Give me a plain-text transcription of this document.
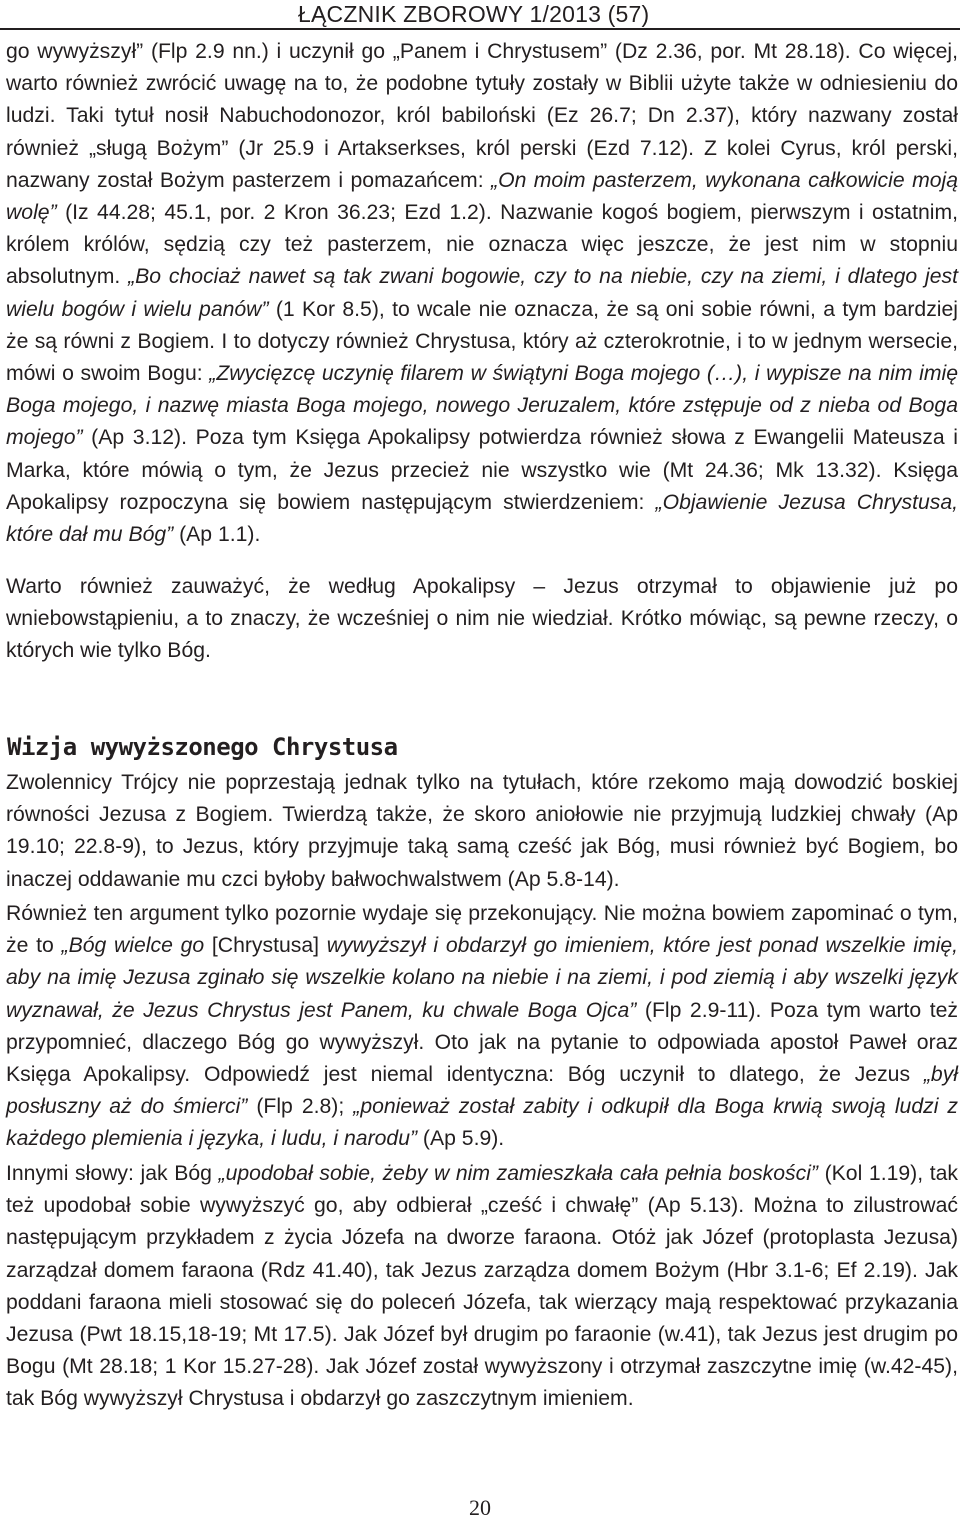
ŁĄCZNIK ZBOROWY 1/2013 (57)

go wywyższył” (Flp 2.9 nn.) i uczynił go „Panem i Chrystusem” (Dz 2.36, por. Mt 28.18). Co więcej, warto również zwrócić uwagę na to, że podobne tytuły zostały w Biblii użyte także w odniesieniu do ludzi. Taki tytuł nosił Nabuchodonozor, król babiloński (Ez 26.7; Dn 2.37), który nazwany został również „sługą Bożym” (Jr 25.9 i Artakserkses, król perski (Ezd 7.12). Z kolei Cyrus, król perski, nazwany został Bożym pasterzem i pomazańcem: „On moim pasterzem, wykonana całkowicie moją wolę” (Iz 44.28; 45.1, por. 2 Kron 36.23; Ezd 1.2). Nazwanie kogoś bogiem, pierwszym i ostatnim, królem królów, sędzią czy też pasterzem, nie oznacza więc jeszcze, że jest nim w stopniu absolutnym. „Bo chociaż nawet są tak zwani bogowie, czy to na niebie, czy na ziemi, i dlatego jest wielu bogów i wielu panów” (1 Kor 8.5), to wcale nie oznacza, że są oni sobie równi, a tym bardziej że są równi z Bogiem. I to dotyczy również Chrystusa, który aż czterokrotnie, i to w jednym wersecie, mówi o swoim Bogu: „Zwycięzcę uczynię filarem w świątyni Boga mojego (…), i wypisze na nim imię Boga mojego, i nazwę miasta Boga mojego, nowego Jeruzalem, które zstępuje od z nieba od Boga mojego” (Ap 3.12). Poza tym Księga Apokalipsy potwierdza również słowa z Ewangelii Mateusza i Marka, które mówią o tym, że Jezus przecież nie wszystko wie (Mt 24.36; Mk 13.32). Księga Apokalipsy rozpoczyna się bowiem następującym stwierdzeniem: „Objawienie Jezusa Chrystusa, które dał mu Bóg” (Ap 1.1).

Warto również zauważyć, że według Apokalipsy – Jezus otrzymał to objawienie już po wniebowstąpieniu, a to znaczy, że wcześniej o nim nie wiedział. Krótko mówiąc, są pewne rzeczy, o których wie tylko Bóg.

Wizja wywyższonego Chrystusa

Zwolennicy Trójcy nie poprzestają jednak tylko na tytułach, które rzekomo mają dowodzić boskiej równości Jezusa z Bogiem. Twierdzą także, że skoro aniołowie nie przyjmują ludzkiej chwały (Ap 19.10; 22.8-9), to Jezus, który przyjmuje taką samą cześć jak Bóg, musi również być Bogiem, bo inaczej oddawanie mu czci byłoby bałwochwalstwem (Ap 5.8-14).

Również ten argument tylko pozornie wydaje się przekonujący. Nie można bowiem zapominać o tym, że to „Bóg wielce go [Chrystusa] wywyższył i obdarzył go imieniem, które jest ponad wszelkie imię, aby na imię Jezusa zginało się wszelkie kolano na niebie i na ziemi, i pod ziemią i aby wszelki język wyznawał, że Jezus Chrystus jest Panem, ku chwale Boga Ojca” (Flp 2.9-11). Poza tym warto też przypomnieć, dlaczego Bóg go wywyższył. Oto jak na pytanie to odpowiada apostoł Paweł oraz Księga Apokalipsy. Odpowiedź jest niemal identyczna: Bóg uczynił to dlatego, że Jezus „był posłuszny aż do śmierci” (Flp 2.8); „ponieważ został zabity i odkupił dla Boga krwią swoją ludzi z każdego plemienia i języka, i ludu, i narodu” (Ap 5.9).

Innymi słowy: jak Bóg „upodobał sobie, żeby w nim zamieszkała cała pełnia boskości” (Kol 1.19), tak też upodobał sobie wywyższyć go, aby odbierał „cześć i chwałę” (Ap 5.13). Można to zilustrować następującym przykładem z życia Józefa na dworze faraona. Otóż jak Józef (protoplasta Jezusa) zarządzał domem faraona (Rdz 41.40), tak Jezus zarządza domem Bożym (Hbr 3.1-6; Ef 2.19). Jak poddani faraona mieli stosować się do poleceń Józefa, tak wierzący mają respektować przykazania Jezusa (Pwt 18.15,18-19; Mt 17.5). Jak Józef był drugim po faraonie (w.41), tak Jezus jest drugim po Bogu (Mt 28.18; 1 Kor 15.27-28). Jak Józef został wywyższony i otrzymał zaszczytne imię (w.42-45), tak Bóg wywyższył Chrystusa i obdarzył go zaszczytnym imieniem.

20
